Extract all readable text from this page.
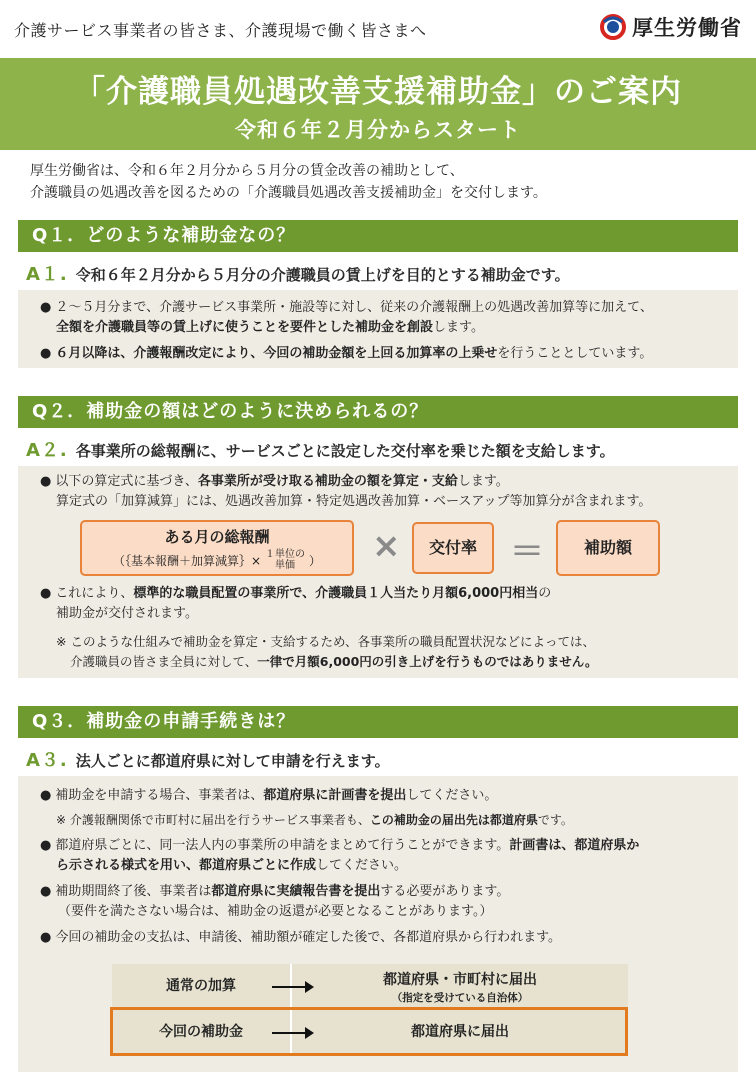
介護サービス事業者の皆さま、介護現場で働く皆さまへ	厚生労働省
「介護職員処遇改善支援補助金」のご案内
令和６年２月分からスタート
厚生労働省は、令和６年２月分から５月分の賃金改善の補助として、
介護職員の処遇改善を図るための「介護職員処遇改善支援補助金」を交付します。
Q１．どのような補助金なの？
A１. 令和６年２月分から５月分の介護職員の賃上げを目的とする補助金です。
● ２～５月分まで、介護サービス事業所・施設等に対し、従来の介護報酬上の処遇改善加算等に加えて、
全額を介護職員等の賃上げに使うことを要件とした補助金を創設します。
● ６月以降は、介護報酬改定により、今回の補助金額を上回る加算率の上乗せを行うこととしています。
Q２．補助金の額はどのように決められるの？
A２. 各事業所の総報酬に、サービスごとに設定した交付率を乗じた額を支給します。
● 以下の算定式に基づき、各事業所が受け取る補助金の額を算定・支給します。
算定式の「加算減算」には、処遇改善加算・特定処遇改善加算・ベースアップ等加算分が含まれます。
ある月の総報酬
（｛基本報酬＋加算減算｝× １単位の
単価	） ×	交付率 ＝	補助額
● これにより、標準的な職員配置の事業所で、介護職員１人当たり月額6,000円相当の
補助金が交付されます。
※ このような仕組みで補助金を算定・支給するため、各事業所の職員配置状況などによっては、
介護職員の皆さま全員に対して、一律で月額6,000円の引き上げを行うものではありません。
Q３．補助金の申請手続きは？
A３. 法人ごとに都道府県に対して申請を行えます。
● 補助金を申請する場合、事業者は、都道府県に計画書を提出してください。
※ 介護報酬関係で市町村に届出を行うサービス事業者も、この補助金の届出先は都道府県です。
● 都道府県ごとに、同一法人内の事業所の申請をまとめて行うことができます。計画書は、都道府県か
ら示される様式を用い、都道府県ごとに作成してください。
● 補助期間終了後、事業者は都道府県に実績報告書を提出する必要があります。
（要件を満たさない場合は、補助金の返還が必要となることがあります。）
● 今回の補助金の支払は、申請後、補助額が確定した後で、各都道府県から行われます。
通常の加算	都道府県・市町村に届出
（指定を受けている自治体）
今回の補助金	都道府県に届出
